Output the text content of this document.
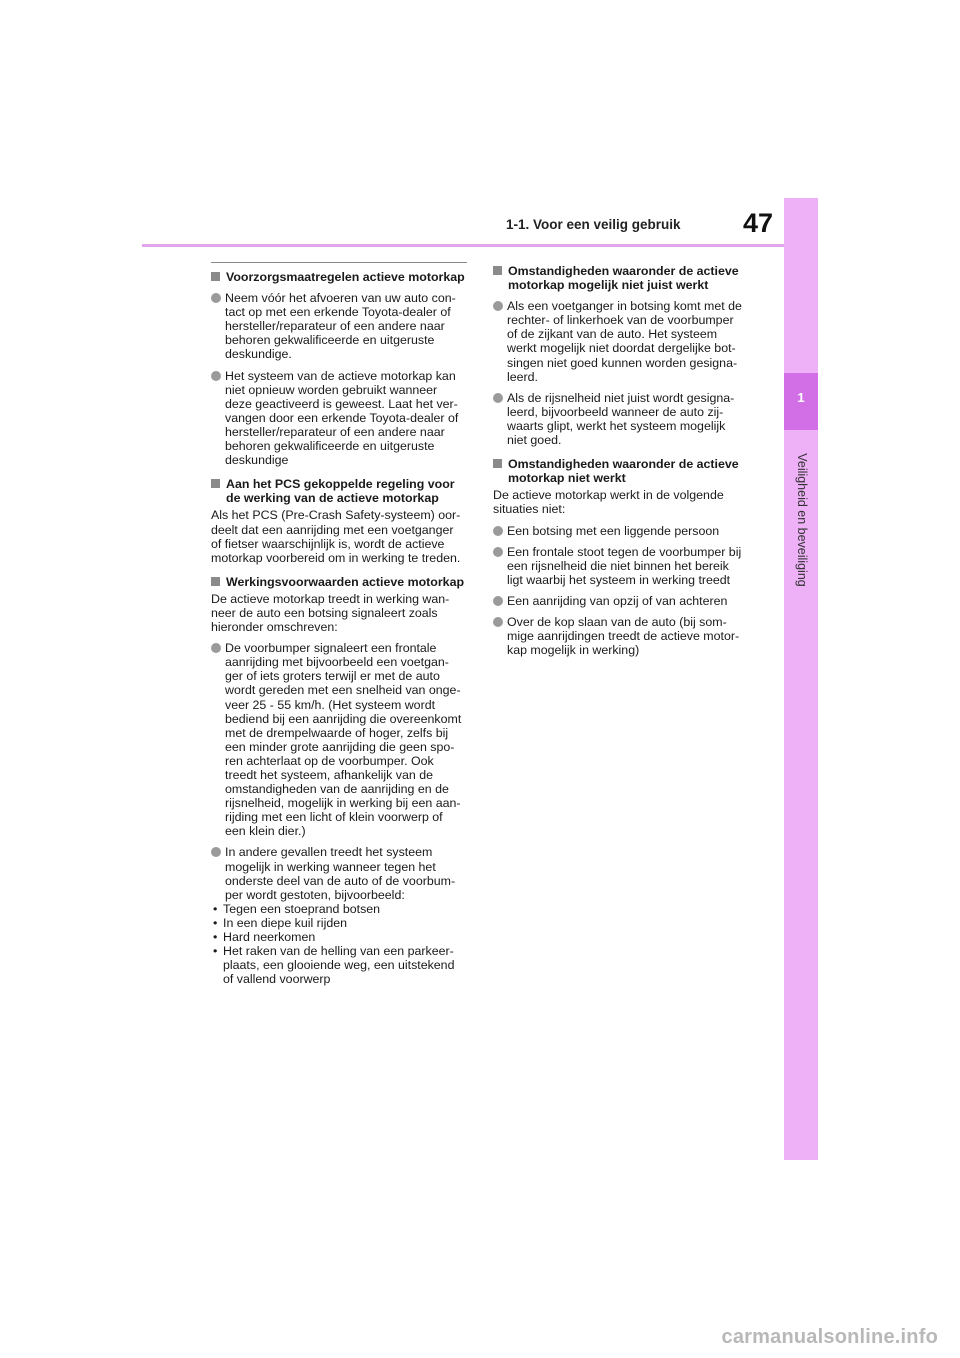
1-1. Voor een veilig gebruik 47
1
Veiligheid en beveiliging
Voorzorgsmaatregelen actieve motorkap
Neem vóór het afvoeren van uw auto con-
tact op met een erkende Toyota-dealer of
hersteller/reparateur of een andere naar
behoren gekwalificeerde en uitgeruste
deskundige.
Het systeem van de actieve motorkap kan
niet opnieuw worden gebruikt wanneer
deze geactiveerd is geweest. Laat het ver-
vangen door een erkende Toyota-dealer of
hersteller/reparateur of een andere naar
behoren gekwalificeerde en uitgeruste
deskundige
Aan het PCS gekoppelde regeling voor
de werking van de actieve motorkap
Als het PCS (Pre-Crash Safety-systeem) oor-
deelt dat een aanrijding met een voetganger
of fietser waarschijnlijk is, wordt de actieve
motorkap voorbereid om in werking te treden.
Werkingsvoorwaarden actieve motorkap
De actieve motorkap treedt in werking wan-
neer de auto een botsing signaleert zoals
hieronder omschreven:
De voorbumper signaleert een frontale
aanrijding met bijvoorbeeld een voetgan-
ger of iets groters terwijl er met de auto
wordt gereden met een snelheid van onge-
veer 25 - 55 km/h. (Het systeem wordt
bediend bij een aanrijding die overeenkomt
met de drempelwaarde of hoger, zelfs bij
een minder grote aanrijding die geen spo-
ren achterlaat op de voorbumper. Ook
treedt het systeem, afhankelijk van de
omstandigheden van de aanrijding en de
rijsnelheid, mogelijk in werking bij een aan-
rijding met een licht of klein voorwerp of
een klein dier.)
In andere gevallen treedt het systeem
mogelijk in werking wanneer tegen het
onderste deel van de auto of de voorbum-
per wordt gestoten, bijvoorbeeld:
• Tegen een stoeprand botsen
• In een diepe kuil rijden
• Hard neerkomen
• Het raken van de helling van een parkeer-
plaats, een glooiende weg, een uitstekend
of vallend voorwerp
Omstandigheden waaronder de actieve
motorkap mogelijk niet juist werkt
Als een voetganger in botsing komt met de
rechter- of linkerhoek van de voorbumper
of de zijkant van de auto. Het systeem
werkt mogelijk niet doordat dergelijke bot-
singen niet goed kunnen worden gesigna-
leerd.
Als de rijsnelheid niet juist wordt gesigna-
leerd, bijvoorbeeld wanneer de auto zij-
waarts glipt, werkt het systeem mogelijk
niet goed.
Omstandigheden waaronder de actieve
motorkap niet werkt
De actieve motorkap werkt in de volgende
situaties niet:
Een botsing met een liggende persoon
Een frontale stoot tegen de voorbumper bij
een rijsnelheid die niet binnen het bereik
ligt waarbij het systeem in werking treedt
Een aanrijding van opzij of van achteren
Over de kop slaan van de auto (bij som-
mige aanrijdingen treedt de actieve motor-
kap mogelijk in werking)
carmanualsonline.info
